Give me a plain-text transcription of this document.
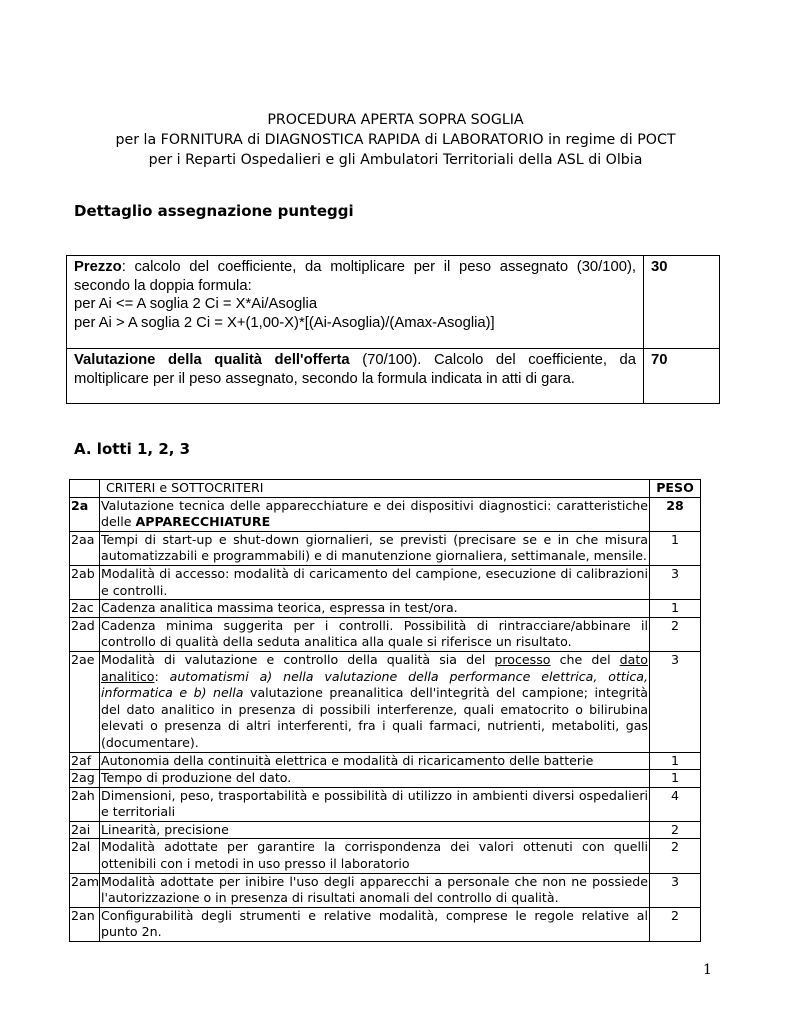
PROCEDURA APERTA SOPRA SOGLIA
per la FORNITURA di DIAGNOSTICA RAPIDA di LABORATORIO in regime di POCT
per i Reparti Ospedalieri e gli Ambulatori Territoriali della ASL di Olbia
Dettaglio assegnazione punteggi
Prezzo: calcolo del coefficiente, da moltiplicare per il peso assegnato (30/100), secondo la doppia formula:
per Ai <= A soglia 2 Ci = X*Ai/Asoglia
per Ai > A soglia 2 Ci = X+(1,00-X)*[(Ai-Asoglia)/(Amax-Asoglia)]	30
Valutazione della qualità dell'offerta (70/100). Calcolo del coefficiente, da moltiplicare per il peso assegnato, secondo la formula indicata in atti di gara.	70
A. lotti 1, 2, 3
	CRITERI e SOTTOCRITERI	PESO
2a	Valutazione tecnica delle apparecchiature e dei dispositivi diagnostici: caratteristiche delle APPARECCHIATURE	28
2aa	Tempi di start-up e shut-down giornalieri, se previsti (precisare se e in che misura automatizzabili e programmabili) e di manutenzione giornaliera, settimanale, mensile.	1
2ab	Modalità di accesso: modalità di caricamento del campione, esecuzione di calibrazioni e controlli.	3
2ac	Cadenza analitica massima teorica, espressa in test/ora.	1
2ad	Cadenza minima suggerita per i controlli. Possibilità di rintracciare/abbinare il controllo di qualità della seduta analitica alla quale si riferisce un risultato.	2
2ae	Modalità di valutazione e controllo della qualità sia del processo che del dato analitico: automatismi a) nella valutazione della performance elettrica, ottica, informatica e b) nella valutazione preanalitica dell'integrità del campione; integrità del dato analitico in presenza di possibili interferenze, quali ematocrito o bilirubina elevati o presenza di altri interferenti, fra i quali farmaci, nutrienti, metaboliti, gas (documentare).	3
2af	Autonomia della continuità elettrica e modalità di ricaricamento delle batterie	1
2ag	Tempo di produzione del dato.	1
2ah	Dimensioni, peso, trasportabilità e possibilità di utilizzo in ambienti diversi ospedalieri e territoriali	4
2ai	Linearità, precisione	2
2al	Modalità adottate per garantire la corrispondenza dei valori ottenuti con quelli ottenibili con i metodi in uso presso il laboratorio	2
2am	Modalità adottate per inibire l'uso degli apparecchi a personale che non ne possiede l'autorizzazione o in presenza di risultati anomali del controllo di qualità.	3
2an	Configurabilità degli strumenti e relative modalità, comprese le regole relative al punto 2n.	2
1
